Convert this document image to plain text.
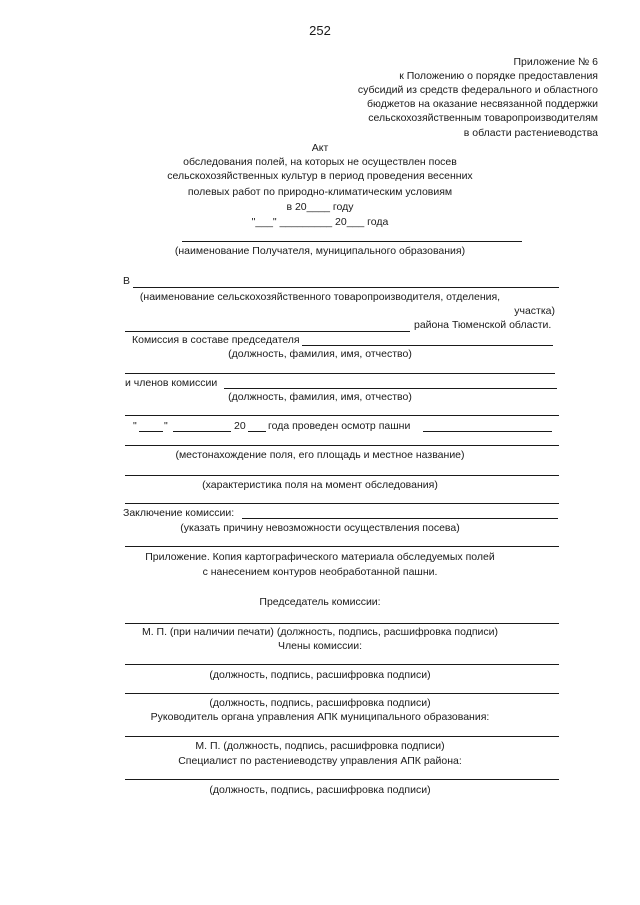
252
Приложение № 6
к Положению о порядке предоставления
субсидий из средств федерального и областного
бюджетов на оказание несвязанной поддержки
сельскохозяйственным товаропроизводителям
в области растениеводства
Акт
обследования полей, на которых не осуществлен посев
сельскохозяйственных культур в период проведения весенних
полевых работ по природно-климатическим условиям
в 20____ году
"___" _________ 20___ года
(наименование Получателя, муниципального образования)
В
(наименование сельскохозяйственного товаропроизводителя, отделения,
участка)
района Тюменской области.
Комиссия в составе председателя
(должность, фамилия, имя, отчество)
и членов комиссии
(должность, фамилия, имя, отчество)
"	"	20 года проведен осмотр пашни
(местонахождение поля, его площадь и местное название)
(характеристика поля на момент обследования)
Заключение комиссии:
(указать причину невозможности осуществления посева)
Приложение. Копия картографического материала обследуемых полей
с нанесением контуров необработанной пашни.
Председатель комиссии:
М. П. (при наличии печати) (должность, подпись, расшифровка подписи)
Члены комиссии:
(должность, подпись, расшифровка подписи)
(должность, подпись, расшифровка подписи)
Руководитель органа управления АПК муниципального образования:
М. П. (должность, подпись, расшифровка подписи)
Специалист по растениеводству управления АПК района:
(должность, подпись, расшифровка подписи)
